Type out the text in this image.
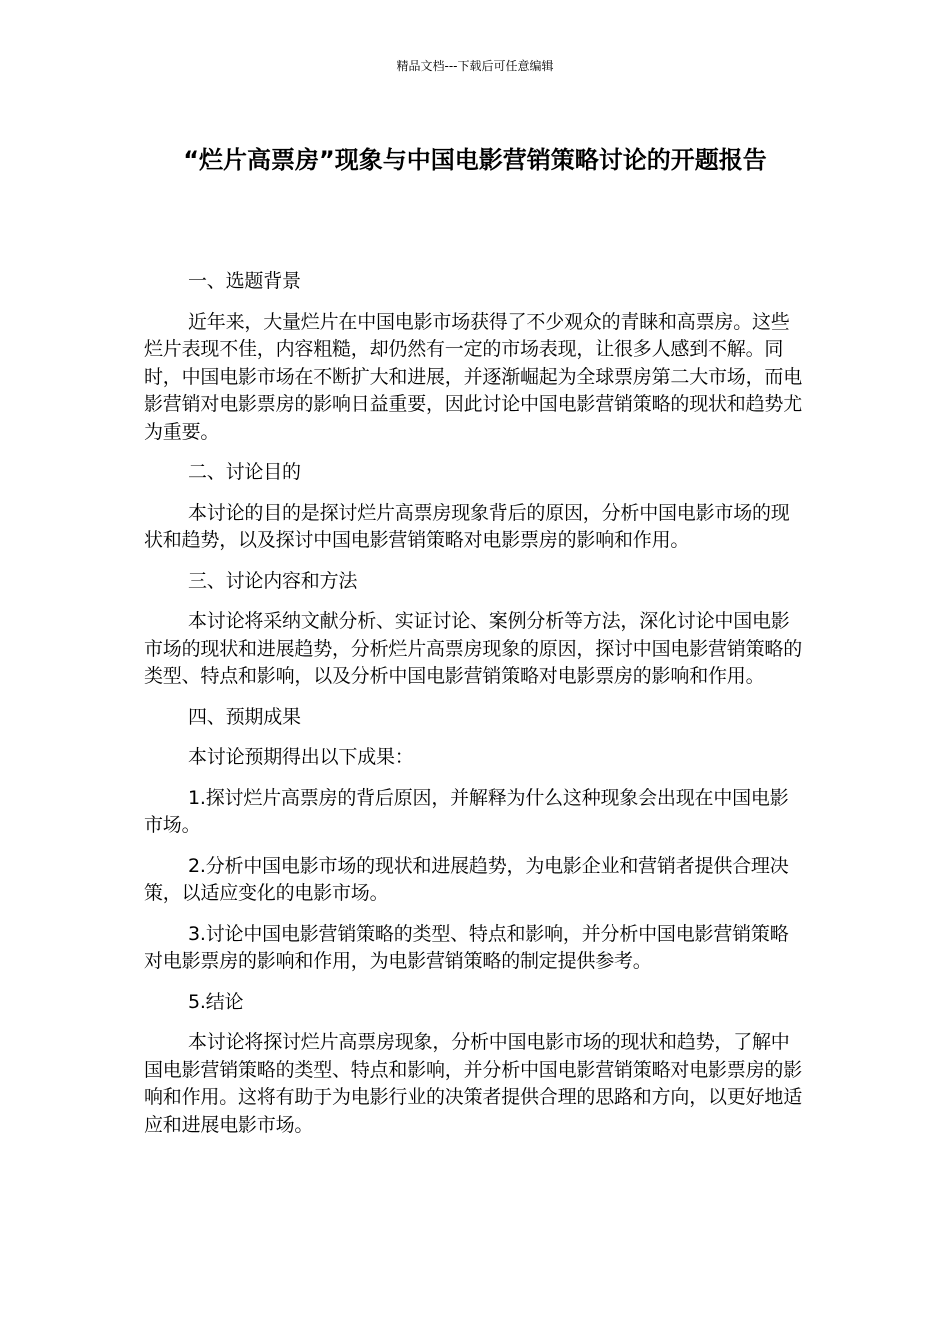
精品文档---下载后可任意编辑
“烂片高票房”现象与中国电影营销策略讨论的开题报告

一、选题背景

近年来，大量烂片在中国电影市场获得了不少观众的青睐和高票房。这些烂片表现不佳，内容粗糙，却仍然有一定的市场表现，让很多人感到不解。同时，中国电影市场在不断扩大和进展，并逐渐崛起为全球票房第二大市场，而电影营销对电影票房的影响日益重要，因此讨论中国电影营销策略的现状和趋势尤为重要。

二、讨论目的

本讨论的目的是探讨烂片高票房现象背后的原因，分析中国电影市场的现状和趋势，以及探讨中国电影营销策略对电影票房的影响和作用。

三、讨论内容和方法

本讨论将采纳文献分析、实证讨论、案例分析等方法，深化讨论中国电影市场的现状和进展趋势，分析烂片高票房现象的原因，探讨中国电影营销策略的类型、特点和影响，以及分析中国电影营销策略对电影票房的影响和作用。

四、预期成果

本讨论预期得出以下成果：

1.探讨烂片高票房的背后原因，并解释为什么这种现象会出现在中国电影市场。

2.分析中国电影市场的现状和进展趋势，为电影企业和营销者提供合理决策，以适应变化的电影市场。

3.讨论中国电影营销策略的类型、特点和影响，并分析中国电影营销策略对电影票房的影响和作用，为电影营销策略的制定提供参考。

5.结论

本讨论将探讨烂片高票房现象，分析中国电影市场的现状和趋势，了解中国电影营销策略的类型、特点和影响，并分析中国电影营销策略对电影票房的影响和作用。这将有助于为电影行业的决策者提供合理的思路和方向，以更好地适应和进展电影市场。
